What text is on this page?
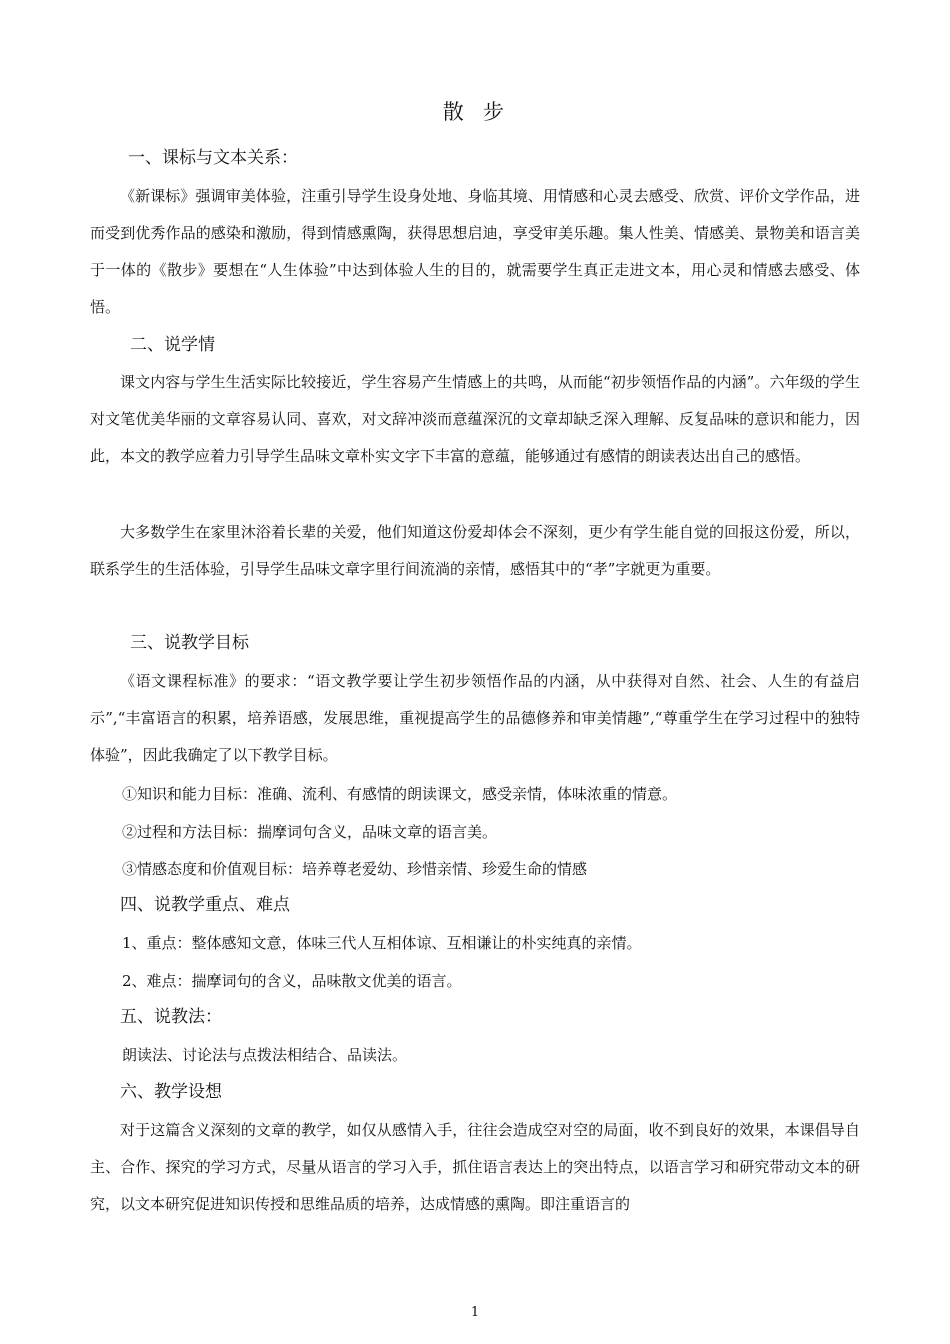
散 步
一、课标与文本关系：
《新课标》强调审美体验，注重引导学生设身处地、身临其境、用情感和心灵去感受、欣赏、评价文学作品，进而受到优秀作品的感染和激励，得到情感熏陶，获得思想启迪，享受审美乐趣。集人性美、情感美、景物美和语言美于一体的《散步》要想在“人生体验”中达到体验人生的目的，就需要学生真正走进文本，用心灵和情感去感受、体悟。
二、说学情
课文内容与学生生活实际比较接近，学生容易产生情感上的共鸣，从而能“初步领悟作品的内涵”。六年级的学生对文笔优美华丽的文章容易认同、喜欢，对文辞冲淡而意蕴深沉的文章却缺乏深入理解、反复品味的意识和能力，因此，本文的教学应着力引导学生品味文章朴实文字下丰富的意蕴，能够通过有感情的朗读表达出自己的感悟。
大多数学生在家里沐浴着长辈的关爱，他们知道这份爱却体会不深刻，更少有学生能自觉的回报这份爱，所以，联系学生的生活体验，引导学生品味文章字里行间流淌的亲情，感悟其中的“孝”字就更为重要。
三、说教学目标
《语文课程标准》的要求：“语文教学要让学生初步领悟作品的内涵，从中获得对自然、社会、人生的有益启示”,“丰富语言的积累，培养语感，发展思维，重视提高学生的品德修养和审美情趣”,“尊重学生在学习过程中的独特体验”，因此我确定了以下教学目标。
①知识和能力目标：准确、流利、有感情的朗读课文，感受亲情，体味浓重的情意。
②过程和方法目标：揣摩词句含义，品味文章的语言美。
③情感态度和价值观目标：培养尊老爱幼、珍惜亲情、珍爱生命的情感
四、说教学重点、难点
1、重点：整体感知文意，体味三代人互相体谅、互相谦让的朴实纯真的亲情。
2、难点：揣摩词句的含义，品味散文优美的语言。
五、说教法：
朗读法、讨论法与点拨法相结合、品读法。
六、教学设想
对于这篇含义深刻的文章的教学，如仅从感情入手，往往会造成空对空的局面，收不到良好的效果，本课倡导自主、合作、探究的学习方式，尽量从语言的学习入手，抓住语言表达上的突出特点，以语言学习和研究带动文本的研究，以文本研究促进知识传授和思维品质的培养，达成情感的熏陶。即注重语言的
1
